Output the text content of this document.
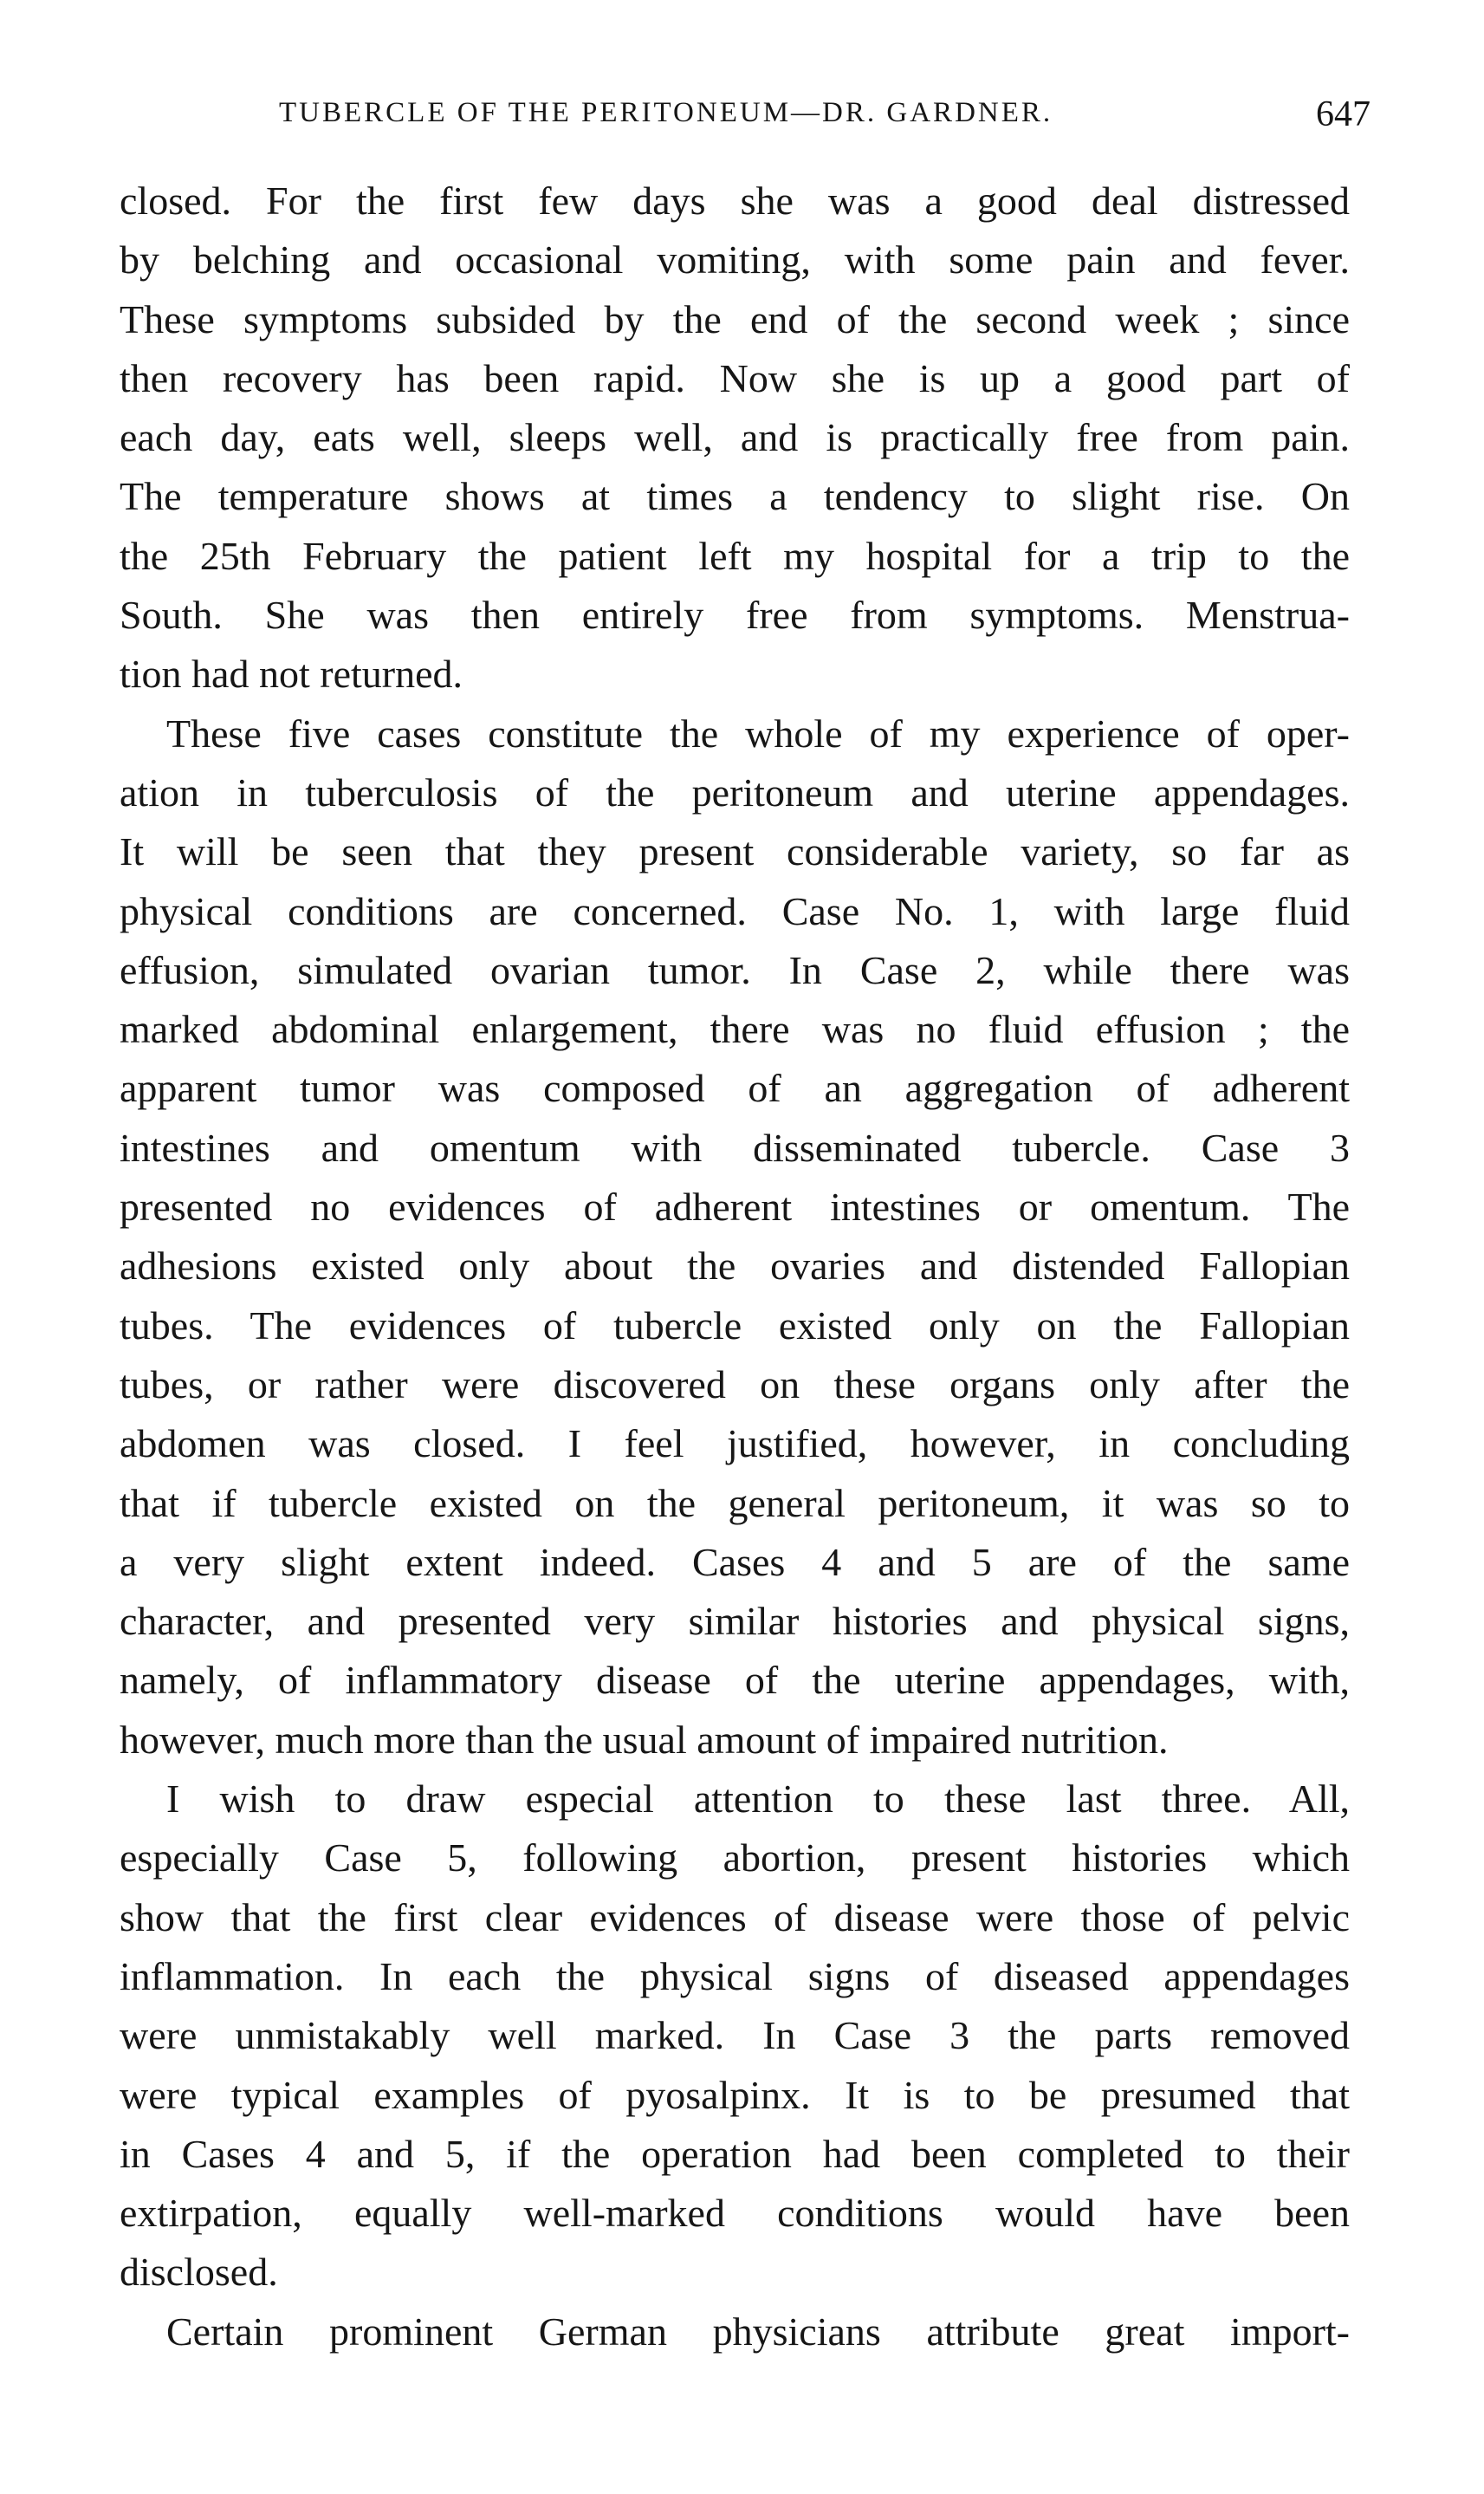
TUBERCLE OF THE PERITONEUM—DR. GARDNER.	647
closed. For the first few days she was a good deal distressed
by belching and occasional vomiting, with some pain and fever.
These symptoms subsided by the end of the second week ; since
then recovery has been rapid. Now she is up a good part of
each day, eats well, sleeps well, and is practically free from pain.
The temperature shows at times a tendency to slight rise. On
the 25th February the patient left my hospital for a trip to the
South. She was then entirely free from symptoms. Menstrua-
tion had not returned.
These five cases constitute the whole of my experience of oper-
ation in tuberculosis of the peritoneum and uterine appendages.
It will be seen that they present considerable variety, so far as
physical conditions are concerned. Case No. 1, with large fluid
effusion, simulated ovarian tumor. In Case 2, while there was
marked abdominal enlargement, there was no fluid effusion ; the
apparent tumor was composed of an aggregation of adherent
intestines and omentum with disseminated tubercle. Case 3
presented no evidences of adherent intestines or omentum. The
adhesions existed only about the ovaries and distended Fallopian
tubes. The evidences of tubercle existed only on the Fallopian
tubes, or rather were discovered on these organs only after the
abdomen was closed. I feel justified, however, in concluding
that if tubercle existed on the general peritoneum, it was so to
a very slight extent indeed. Cases 4 and 5 are of the same
character, and presented very similar histories and physical signs,
namely, of inflammatory disease of the uterine appendages, with,
however, much more than the usual amount of impaired nutrition.
I wish to draw especial attention to these last three. All,
especially Case 5, following abortion, present histories which
show that the first clear evidences of disease were those of pelvic
inflammation. In each the physical signs of diseased appendages
were unmistakably well marked. In Case 3 the parts removed
were typical examples of pyosalpinx. It is to be presumed that
in Cases 4 and 5, if the operation had been completed to their
extirpation, equally well-marked conditions would have been
disclosed.
Certain prominent German physicians attribute great import-
